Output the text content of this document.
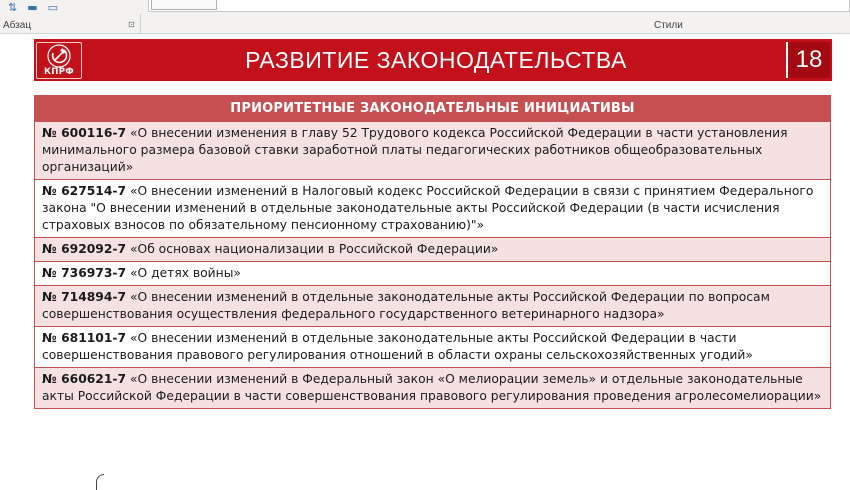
⇅ ▬ ▭
Абзац	⊡	Стили
КПРФ	РАЗВИТИЕ ЗАКОНОДАТЕЛЬСТВА	18
ПРИОРИТЕТНЫЕ ЗАКОНОДАТЕЛЬНЫЕ ИНИЦИАТИВЫ
№ 600116-7 «О внесении изменения в главу 52 Трудового кодекса Российской Федерации в части установления минимального размера базовой ставки заработной платы педагогических работников общеобразовательных организаций»
№ 627514-7 «О внесении изменений в Налоговый кодекс Российской Федерации в связи с принятием Федерального закона "О внесении изменений в отдельные законодательные акты Российской Федерации (в части исчисления страховых взносов по обязательному пенсионному страхованию)"»
№ 692092-7 «Об основах национализации в Российской Федерации»
№ 736973-7 «О детях войны»
№ 714894-7 «О внесении изменений в отдельные законодательные акты Российской Федерации по вопросам совершенствования осуществления федерального государственного ветеринарного надзора»
№ 681101-7 «О внесении изменений в отдельные законодательные акты Российской Федерации в части совершенствования правового регулирования отношений в области охраны сельскохозяйственных угодий»
№ 660621-7 «О внесении изменений в Федеральный закон «О мелиорации земель» и отдельные законодательные акты Российской Федерации в части совершенствования правового регулирования проведения агролесомелиорации»
